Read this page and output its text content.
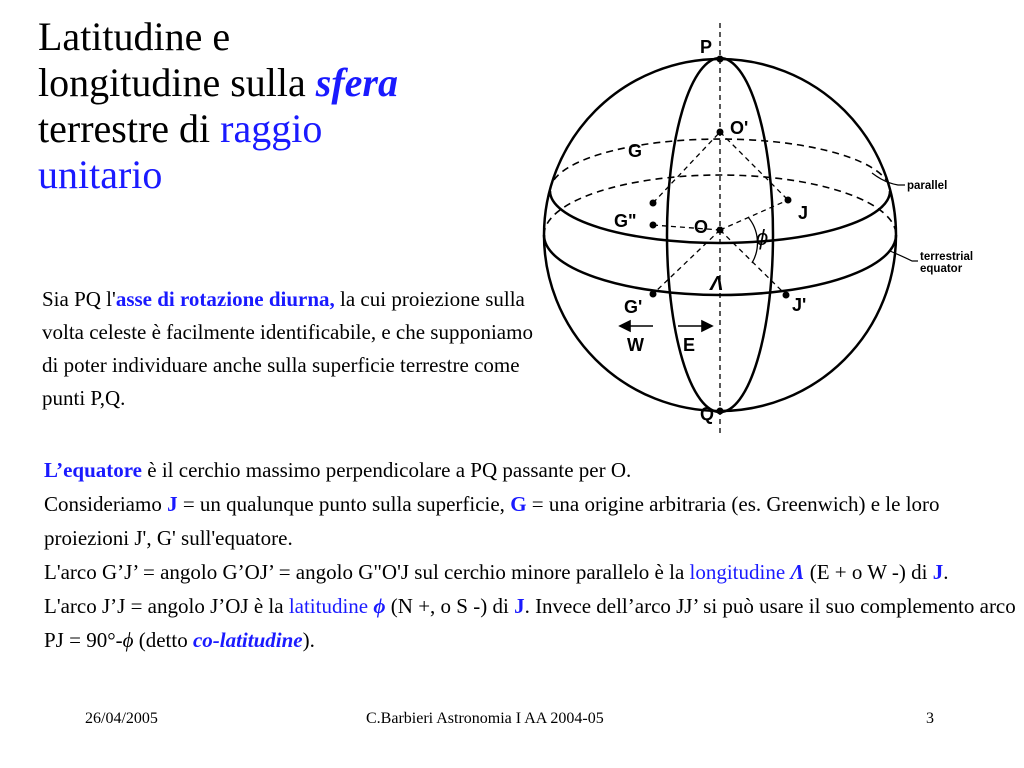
Latitudine e
longitudine sulla sfera
terrestre di raggio
unitario
Sia PQ l'asse di rotazione diurna, la cui proiezione sulla volta celeste è facilmente identificabile, e che supponiamo di poter individuare anche sulla superficie terrestre come punti P,Q.
P
Q
O'
O
G
G"
G'
J
J'
W E
ϕ
Λ
parallel
terrestrial
equator
L’equatore è il cerchio massimo perpendicolare a PQ passante per O.
Consideriamo J = un qualunque punto sulla superficie, G = una origine arbitraria (es. Greenwich) e le loro proiezioni J', G' sull'equatore.
L'arco G’J’ = angolo G’OJ’ = angolo G"O'J sul cerchio minore parallelo è la longitudine Λ (E + o W -) di J.
L'arco J’J = angolo J’OJ è la latitudine ϕ (N +, o S -) di J. Invece dell’arco JJ’ si può usare il suo complemento arco PJ = 90°-ϕ (detto co-latitudine).
26/04/2005	C.Barbieri Astronomia I AA 2004-05	3
